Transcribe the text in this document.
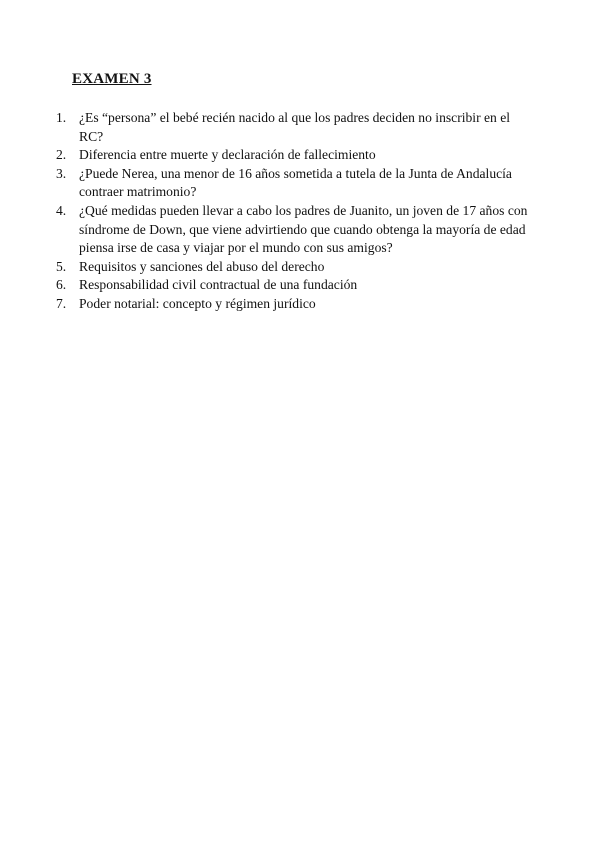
EXAMEN 3
1. ¿Es “persona” el bebé recién nacido al que los padres deciden no inscribir en el RC?
2. Diferencia entre muerte y declaración de fallecimiento
3. ¿Puede Nerea, una menor de 16 años sometida a tutela de la Junta de Andalucía contraer matrimonio?
4. ¿Qué medidas pueden llevar a cabo los padres de Juanito, un joven de 17 años con síndrome de Down, que viene advirtiendo que cuando obtenga la mayoría de edad piensa irse de casa y viajar por el mundo con sus amigos?
5. Requisitos y sanciones del abuso del derecho
6. Responsabilidad civil contractual de una fundación
7. Poder notarial: concepto y régimen jurídico
